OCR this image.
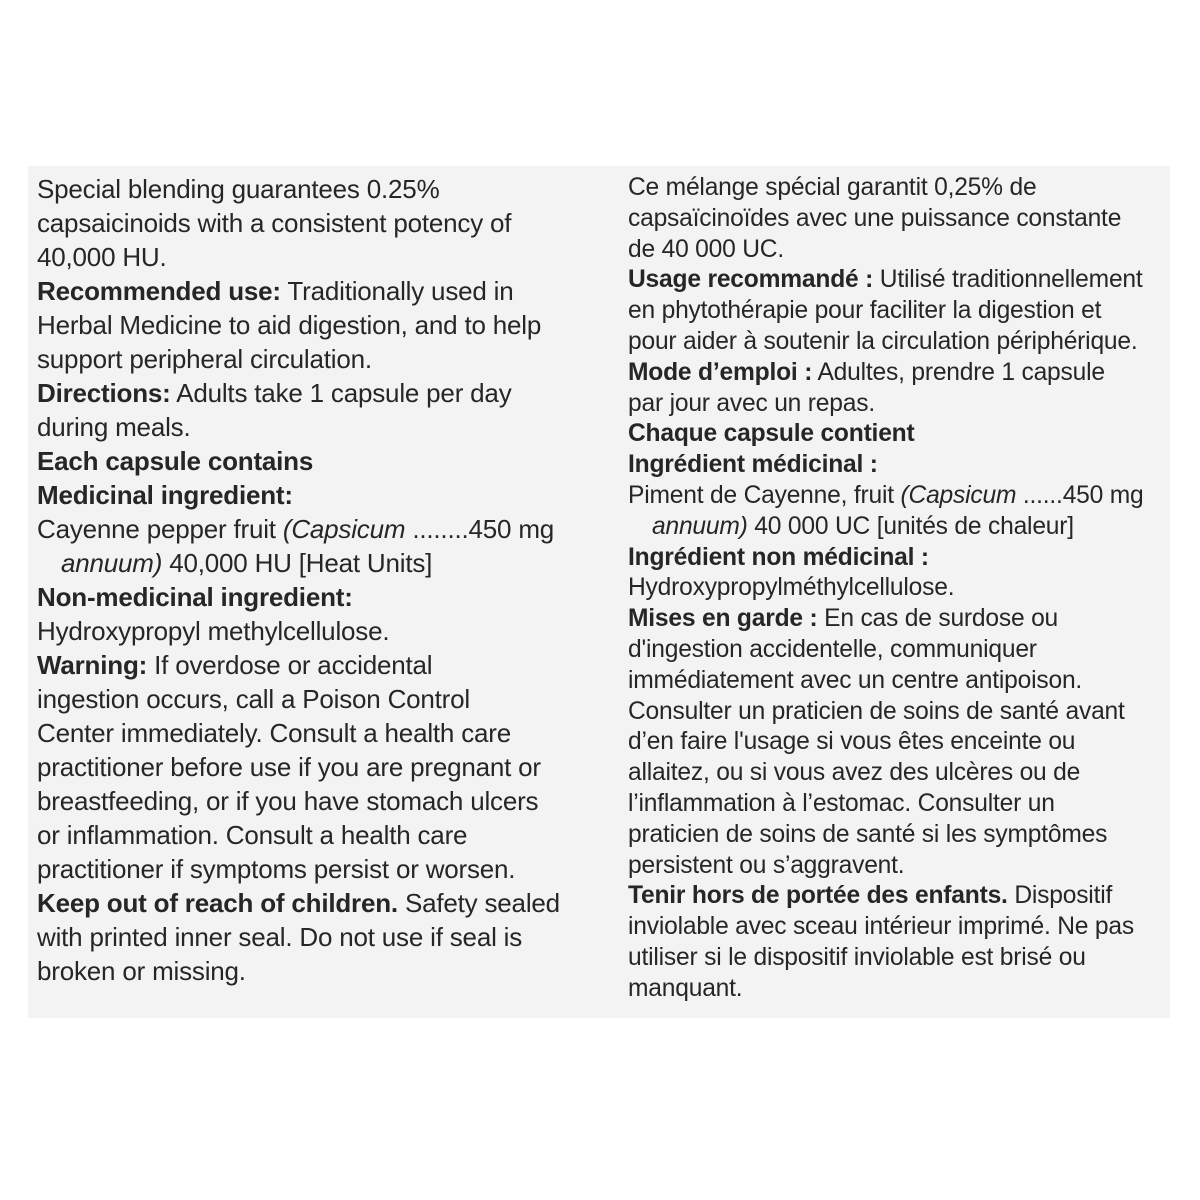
Special blending guarantees 0.25%
capsaicinoids with a consistent potency of
40,000 HU.
Recommended use: Traditionally used in
Herbal Medicine to aid digestion, and to help
support peripheral circulation.
Directions: Adults take 1 capsule per day
during meals.
Each capsule contains
Medicinal ingredient:
Cayenne pepper fruit (Capsicum ........450 mg
annuum) 40,000 HU [Heat Units]
Non-medicinal ingredient:
Hydroxypropyl methylcellulose.
Warning: If overdose or accidental
ingestion occurs, call a Poison Control
Center immediately. Consult a health care
practitioner before use if you are pregnant or
breastfeeding, or if you have stomach ulcers
or inflammation. Consult a health care
practitioner if symptoms persist or worsen.
Keep out of reach of children. Safety sealed
with printed inner seal. Do not use if seal is
broken or missing.
Ce mélange spécial garantit 0,25% de
capsaïcinoïdes avec une puissance constante
de 40 000 UC.
Usage recommandé : Utilisé traditionnellement
en phytothérapie pour faciliter la digestion et
pour aider à soutenir la circulation périphérique.
Mode d’emploi : Adultes, prendre 1 capsule
par jour avec un repas.
Chaque capsule contient
Ingrédient médicinal :
Piment de Cayenne, fruit (Capsicum ......450 mg
annuum) 40 000 UC [unités de chaleur]
Ingrédient non médicinal :
Hydroxypropylméthylcellulose.
Mises en garde : En cas de surdose ou
d'ingestion accidentelle, communiquer
immédiatement avec un centre antipoison.
Consulter un praticien de soins de santé avant
d’en faire l'usage si vous êtes enceinte ou
allaitez, ou si vous avez des ulcères ou de
l’inflammation à l’estomac. Consulter un
praticien de soins de santé si les symptômes
persistent ou s’aggravent.
Tenir hors de portée des enfants. Dispositif
inviolable avec sceau intérieur imprimé. Ne pas
utiliser si le dispositif inviolable est brisé ou
manquant.
